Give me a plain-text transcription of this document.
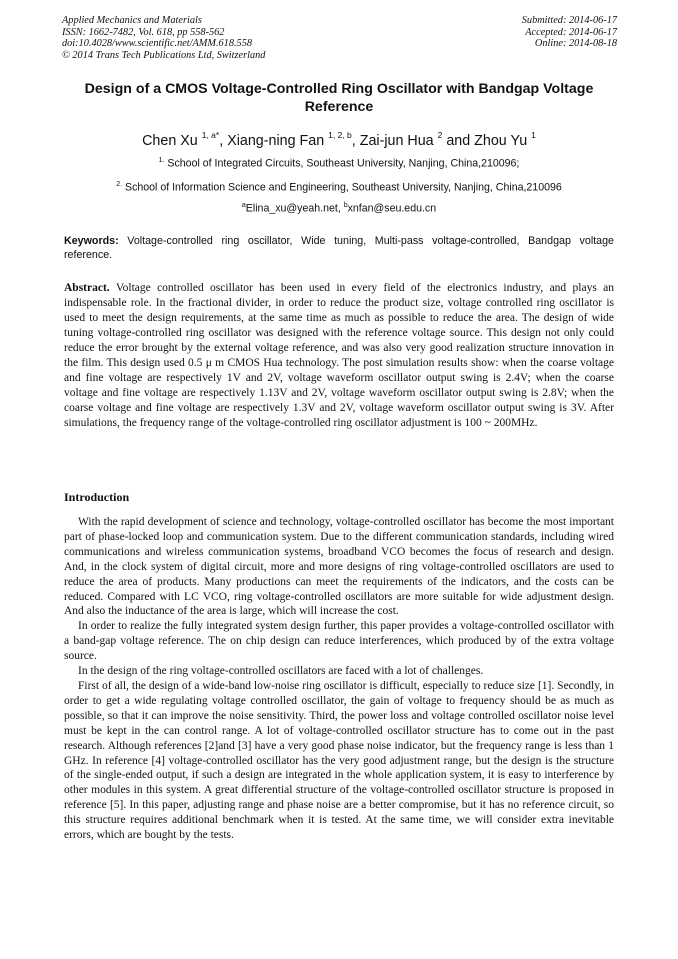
Applied Mechanics and Materials
ISSN: 1662-7482, Vol. 618, pp 558-562
doi:10.4028/www.scientific.net/AMM.618.558
© 2014 Trans Tech Publications Ltd, Switzerland
Submitted: 2014-06-17
Accepted: 2014-06-17
Online: 2014-08-18
Design of a CMOS Voltage-Controlled Ring Oscillator with Bandgap Voltage Reference
Chen Xu $^{1, a*}$, Xiang-ning Fan $^{1, 2, b}$, Zai-jun Hua $^2$ and Zhou Yu $^1$
$^{1.}$ School of Integrated Circuits, Southeast University, Nanjing, China,210096;
$^{2.}$ School of Information Science and Engineering, Southeast University, Nanjing, China,210096
$^a$Elina_xu@yeah.net, $^b$xnfan@seu.edu.cn
Keywords: Voltage-controlled ring oscillator, Wide tuning, Multi-pass voltage-controlled, Bandgap voltage reference.
Abstract. Voltage controlled oscillator has been used in every field of the electronics industry, and plays an indispensable role. In the fractional divider, in order to reduce the product size, voltage controlled ring oscillator is used to meet the design requirements, at the same time as much as possible to reduce the area. The design of wide tuning voltage-controlled ring oscillator was designed with the reference voltage source. This design not only could reduce the error brought by the external voltage reference, and was also very good realization structure innovation in the film. This design used 0.5 μ m CMOS Hua technology. The post simulation results show: when the coarse voltage and fine voltage are respectively 1V and 2V, voltage waveform oscillator output swing is 2.4V; when the coarse voltage and fine voltage are respectively 1.13V and 2V, voltage waveform oscillator output swing is 2.8V; when the coarse voltage and fine voltage are respectively 1.3V and 2V, voltage waveform oscillator output swing is 3V. After simulations, the frequency range of the voltage-controlled ring oscillator adjustment is 100 ~ 200MHz.
Introduction

With the rapid development of science and technology, voltage-controlled oscillator has become the most important part of phase-locked loop and communication system. Due to the different communication standards, including wired communications and wireless communication systems, broadband VCO becomes the focus of research and design. And, in the clock system of digital circuit, more and more designs of ring voltage-controlled oscillators are used to reduce the area of products. Many productions can meet the requirements of the indicators, and the costs can be reduced. Compared with LC VCO, ring voltage-controlled oscillators are more suitable for wide adjustment design. And also the inductance of the area is large, which will increase the cost.

In order to realize the fully integrated system design further, this paper provides a voltage-controlled oscillator with a band-gap voltage reference. The on chip design can reduce interferences, which produced by of the extra voltage source.

In the design of the ring voltage-controlled oscillators are faced with a lot of challenges.

First of all, the design of a wide-band low-noise ring oscillator is difficult, especially to reduce size [1]. Secondly, in order to get a wide regulating voltage controlled oscillator, the gain of voltage to frequency should be as much as possible, so that it can improve the noise sensitivity. Third, the power loss and voltage controlled oscillator noise level must be kept in the can control range. A lot of voltage-controlled oscillator structure has to come out in the past research. Although references [2]and [3] have a very good phase noise indicator, but the frequency range is less than 1 GHz. In reference [4] voltage-controlled oscillator has the very good adjustment range, but the design is the structure of the single-ended output, if such a design are integrated in the whole application system, it is easy to interference by other modules in this system. A great differential structure of the voltage-controlled oscillator structure is proposed in reference [5]. In this paper, adjusting range and phase noise are a better compromise, but it has no reference circuit, so this structure requires additional benchmark when it is tested. At the same time, we will consider extra inevitable errors, which are bought by the tests.
